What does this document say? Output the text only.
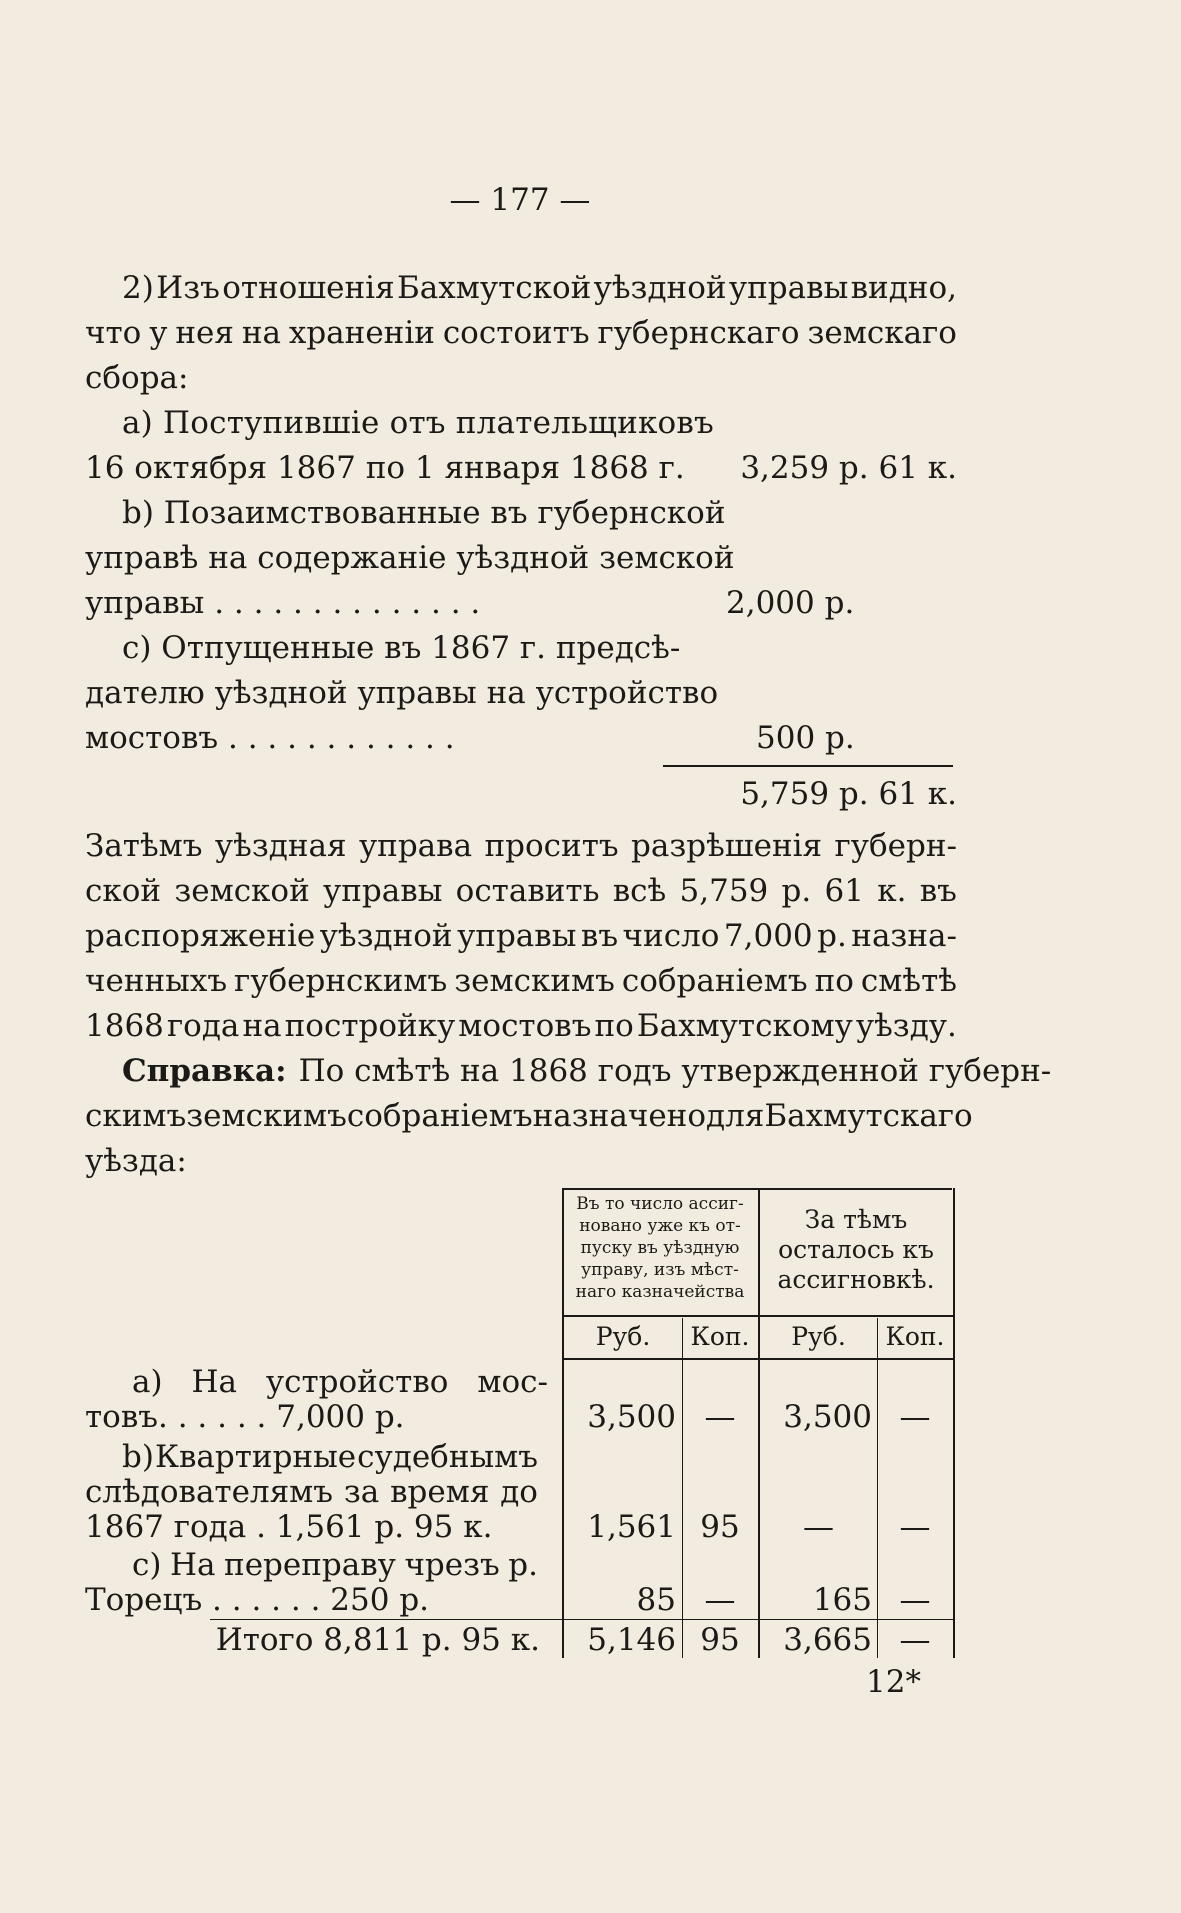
— 177 —
2) Изъ отношенія Бахмутской уѣздной управы видно,
что у нея на храненіи состоитъ губернскаго земскаго
сбора:
а) Поступившіе отъ плательщиковъ
16 октября 1867 по 1 января 1868 г.	3,259 р. 61 к.
b) Позаимствованные въ губернской
управѣ на содержаніе уѣздной земской
управы . . . . . . . . . . . . . .	2,000 р.
с) Отпущенные въ 1867 г. предсѣ-
дателю уѣздной управы на устройство
мостовъ . . . . . . . . . . . .	500 р.
5,759 р. 61 к.
Затѣмъ уѣздная управа проситъ разрѣшенія губерн-
ской земской управы оставить всѣ 5,759 р. 61 к. въ
распоряженіе уѣздной управы въ число 7,000 р. назна-
ченныхъ губернскимъ земскимъ собраніемъ по смѣтѣ
1868 года на постройку мостовъ по Бахмутскому уѣзду.
Справка: По смѣтѣ на 1868 годъ утвержденной губерн-
скимъ земскимъ собраніемъ назначено для Бахмутскаго
уѣзда:
Въ то число ассиг-
новано уже къ от-
пуску въ уѣздную
управу, изъ мѣст-
наго казначейства
За тѣмъ
осталось къ
ассигновкѣ.
Руб.	Коп.	Руб.	Коп.
а) На устройство мос-
товъ. . . . . . 7,000 р.	3,500 —	3,500 —
b) Квартирные судебнымъ
слѣдователямъ за время до
1867 года . 1,561 р. 95 к.	1,561 95	—	—
с) На переправу чрезъ р.
Торецъ . . . . . . 250 р.	85 —	165 —
Итого 8,811 р. 95 к.	5,146 95	3,665 —
12*
